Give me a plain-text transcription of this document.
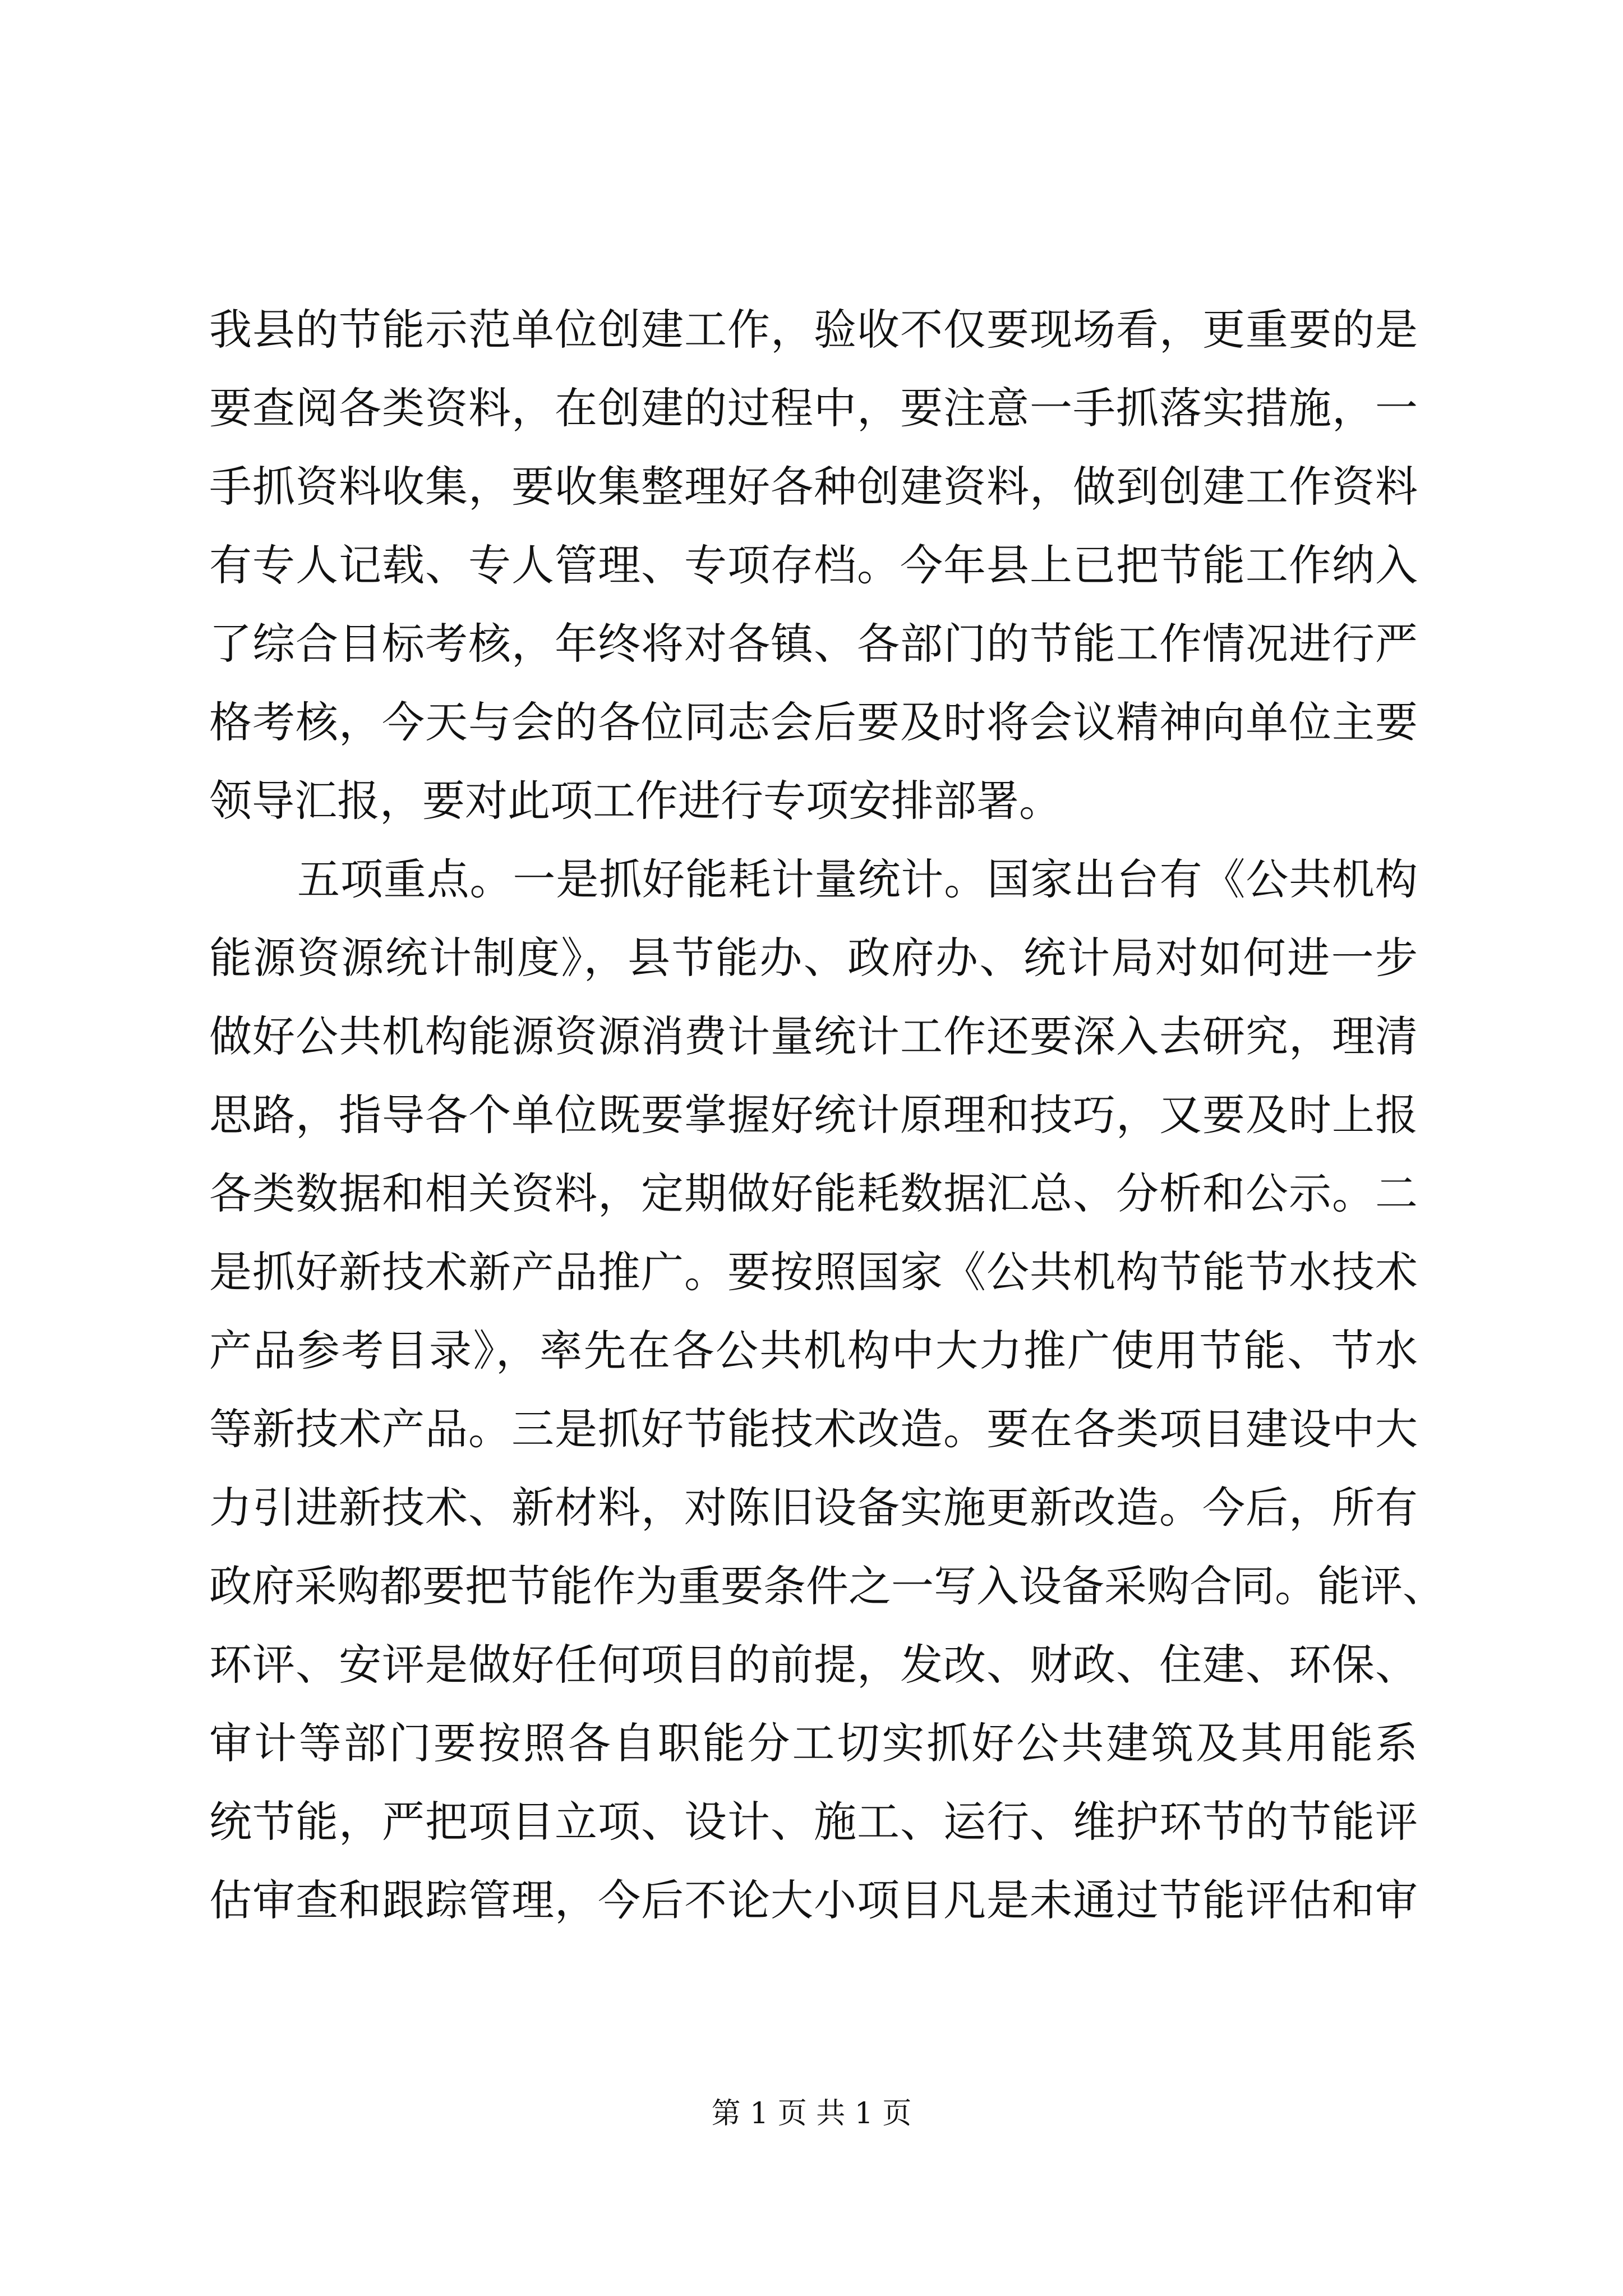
我县的节能示范单位创建工作，验收不仅要现场看，更重要的是
要查阅各类资料，在创建的过程中，要注意一手抓落实措施，一
手抓资料收集，要收集整理好各种创建资料，做到创建工作资料
有专人记载、专人管理、专项存档。今年县上已把节能工作纳入
了综合目标考核，年终将对各镇、各部门的节能工作情况进行严
格考核，今天与会的各位同志会后要及时将会议精神向单位主要
领导汇报，要对此项工作进行专项安排部署。
五项重点。一是抓好能耗计量统计。国家出台有《公共机构
能源资源统计制度》，县节能办、政府办、统计局对如何进一步
做好公共机构能源资源消费计量统计工作还要深入去研究，理清
思路，指导各个单位既要掌握好统计原理和技巧，又要及时上报
各类数据和相关资料，定期做好能耗数据汇总、分析和公示。二
是抓好新技术新产品推广。要按照国家《公共机构节能节水技术
产品参考目录》，率先在各公共机构中大力推广使用节能、节水
等新技术产品。三是抓好节能技术改造。要在各类项目建设中大
力引进新技术、新材料，对陈旧设备实施更新改造。今后，所有
政府采购都要把节能作为重要条件之一写入设备采购合同。能评、
环评、安评是做好任何项目的前提，发改、财政、住建、环保、
审计等部门要按照各自职能分工切实抓好公共建筑及其用能系
统节能，严把项目立项、设计、施工、运行、维护环节的节能评
估审查和跟踪管理，今后不论大小项目凡是未通过节能评估和审
第 1 页 共 1 页
